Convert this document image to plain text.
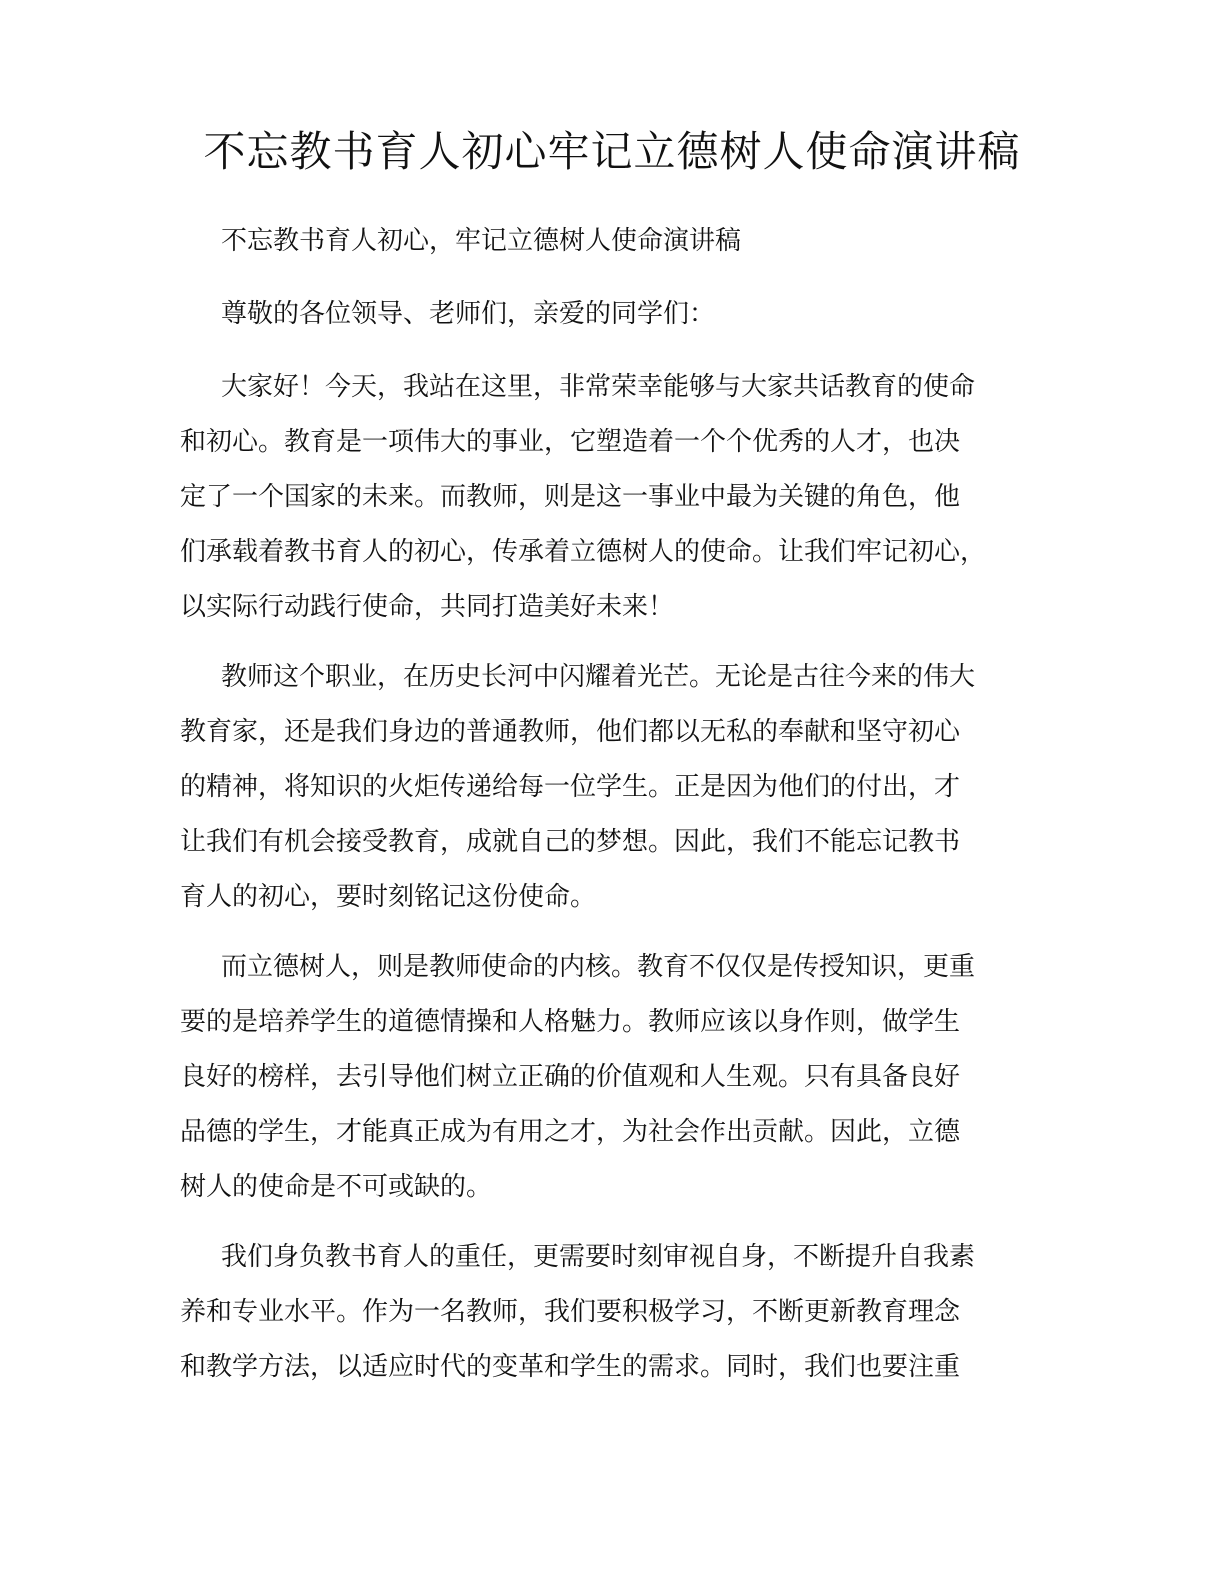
不忘教书育人初心牢记立德树人使命演讲稿
不忘教书育人初心，牢记立德树人使命演讲稿
尊敬的各位领导、老师们，亲爱的同学们：
大家好！今天，我站在这里，非常荣幸能够与大家共话教育的使命
和初心。教育是一项伟大的事业，它塑造着一个个优秀的人才，也决
定了一个国家的未来。而教师，则是这一事业中最为关键的角色，他
们承载着教书育人的初心，传承着立德树人的使命。让我们牢记初心，
以实际行动践行使命，共同打造美好未来！
教师这个职业，在历史长河中闪耀着光芒。无论是古往今来的伟大
教育家，还是我们身边的普通教师，他们都以无私的奉献和坚守初心
的精神，将知识的火炬传递给每一位学生。正是因为他们的付出，才
让我们有机会接受教育，成就自己的梦想。因此，我们不能忘记教书
育人的初心，要时刻铭记这份使命。
而立德树人，则是教师使命的内核。教育不仅仅是传授知识，更重
要的是培养学生的道德情操和人格魅力。教师应该以身作则，做学生
良好的榜样，去引导他们树立正确的价值观和人生观。只有具备良好
品德的学生，才能真正成为有用之才，为社会作出贡献。因此，立德
树人的使命是不可或缺的。
我们身负教书育人的重任，更需要时刻审视自身，不断提升自我素
养和专业水平。作为一名教师，我们要积极学习，不断更新教育理念
和教学方法，以适应时代的变革和学生的需求。同时，我们也要注重
